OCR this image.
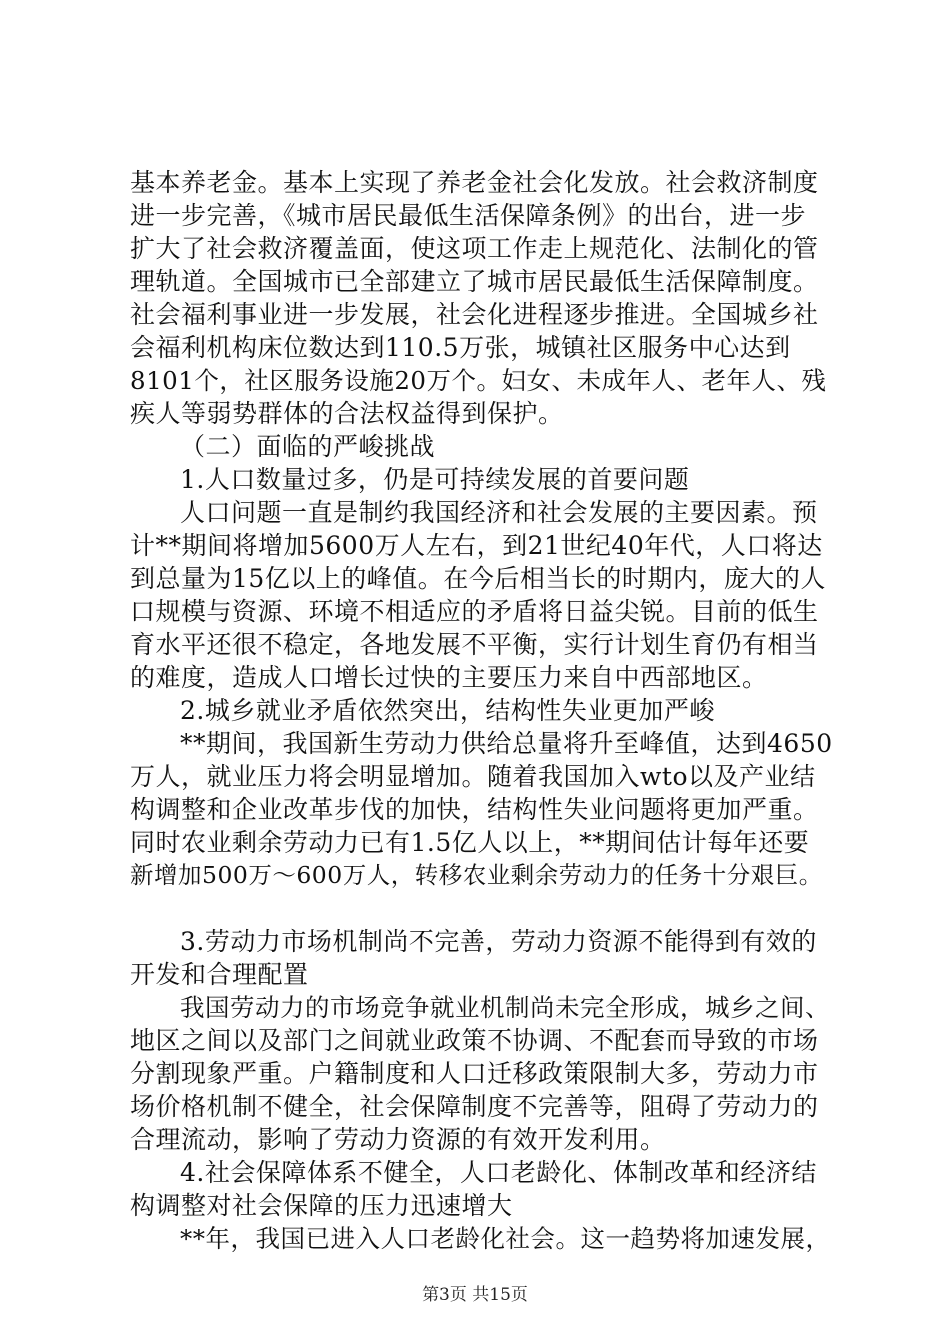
基本养老金。基本上实现了养老金社会化发放。社会救济制度
进一步完善，《城市居民最低生活保障条例》的出台，进一步
扩大了社会救济覆盖面，使这项工作走上规范化、法制化的管
理轨道。全国城市已全部建立了城市居民最低生活保障制度。
社会福利事业进一步发展，社会化进程逐步推进。全国城乡社
会福利机构床位数达到110.5万张，城镇社区服务中心达到
8101个，社区服务设施20万个。妇女、未成年人、老年人、残
疾人等弱势群体的合法权益得到保护。
（二）面临的严峻挑战
1.人口数量过多，仍是可持续发展的首要问题
人口问题一直是制约我国经济和社会发展的主要因素。预
计**期间将增加5600万人左右，到21世纪40年代，人口将达
到总量为15亿以上的峰值。在今后相当长的时期内，庞大的人
口规模与资源、环境不相适应的矛盾将日益尖锐。目前的低生
育水平还很不稳定，各地发展不平衡，实行计划生育仍有相当
的难度，造成人口增长过快的主要压力来自中西部地区。
2.城乡就业矛盾依然突出，结构性失业更加严峻
**期间，我国新生劳动力供给总量将升至峰值，达到4650
万人，就业压力将会明显增加。随着我国加入wto以及产业结
构调整和企业改革步伐的加快，结构性失业问题将更加严重。
同时农业剩余劳动力已有1.5亿人以上，**期间估计每年还要
新增加500万～600万人，转移农业剩余劳动力的任务十分艰巨。
3.劳动力市场机制尚不完善，劳动力资源不能得到有效的
开发和合理配置
我国劳动力的市场竞争就业机制尚未完全形成，城乡之间、
地区之间以及部门之间就业政策不协调、不配套而导致的市场
分割现象严重。户籍制度和人口迁移政策限制大多，劳动力市
场价格机制不健全，社会保障制度不完善等，阻碍了劳动力的
合理流动，影响了劳动力资源的有效开发利用。
4.社会保障体系不健全，人口老龄化、体制改革和经济结
构调整对社会保障的压力迅速增大
**年，我国已进入人口老龄化社会。这一趋势将加速发展，
第3页 共15页
